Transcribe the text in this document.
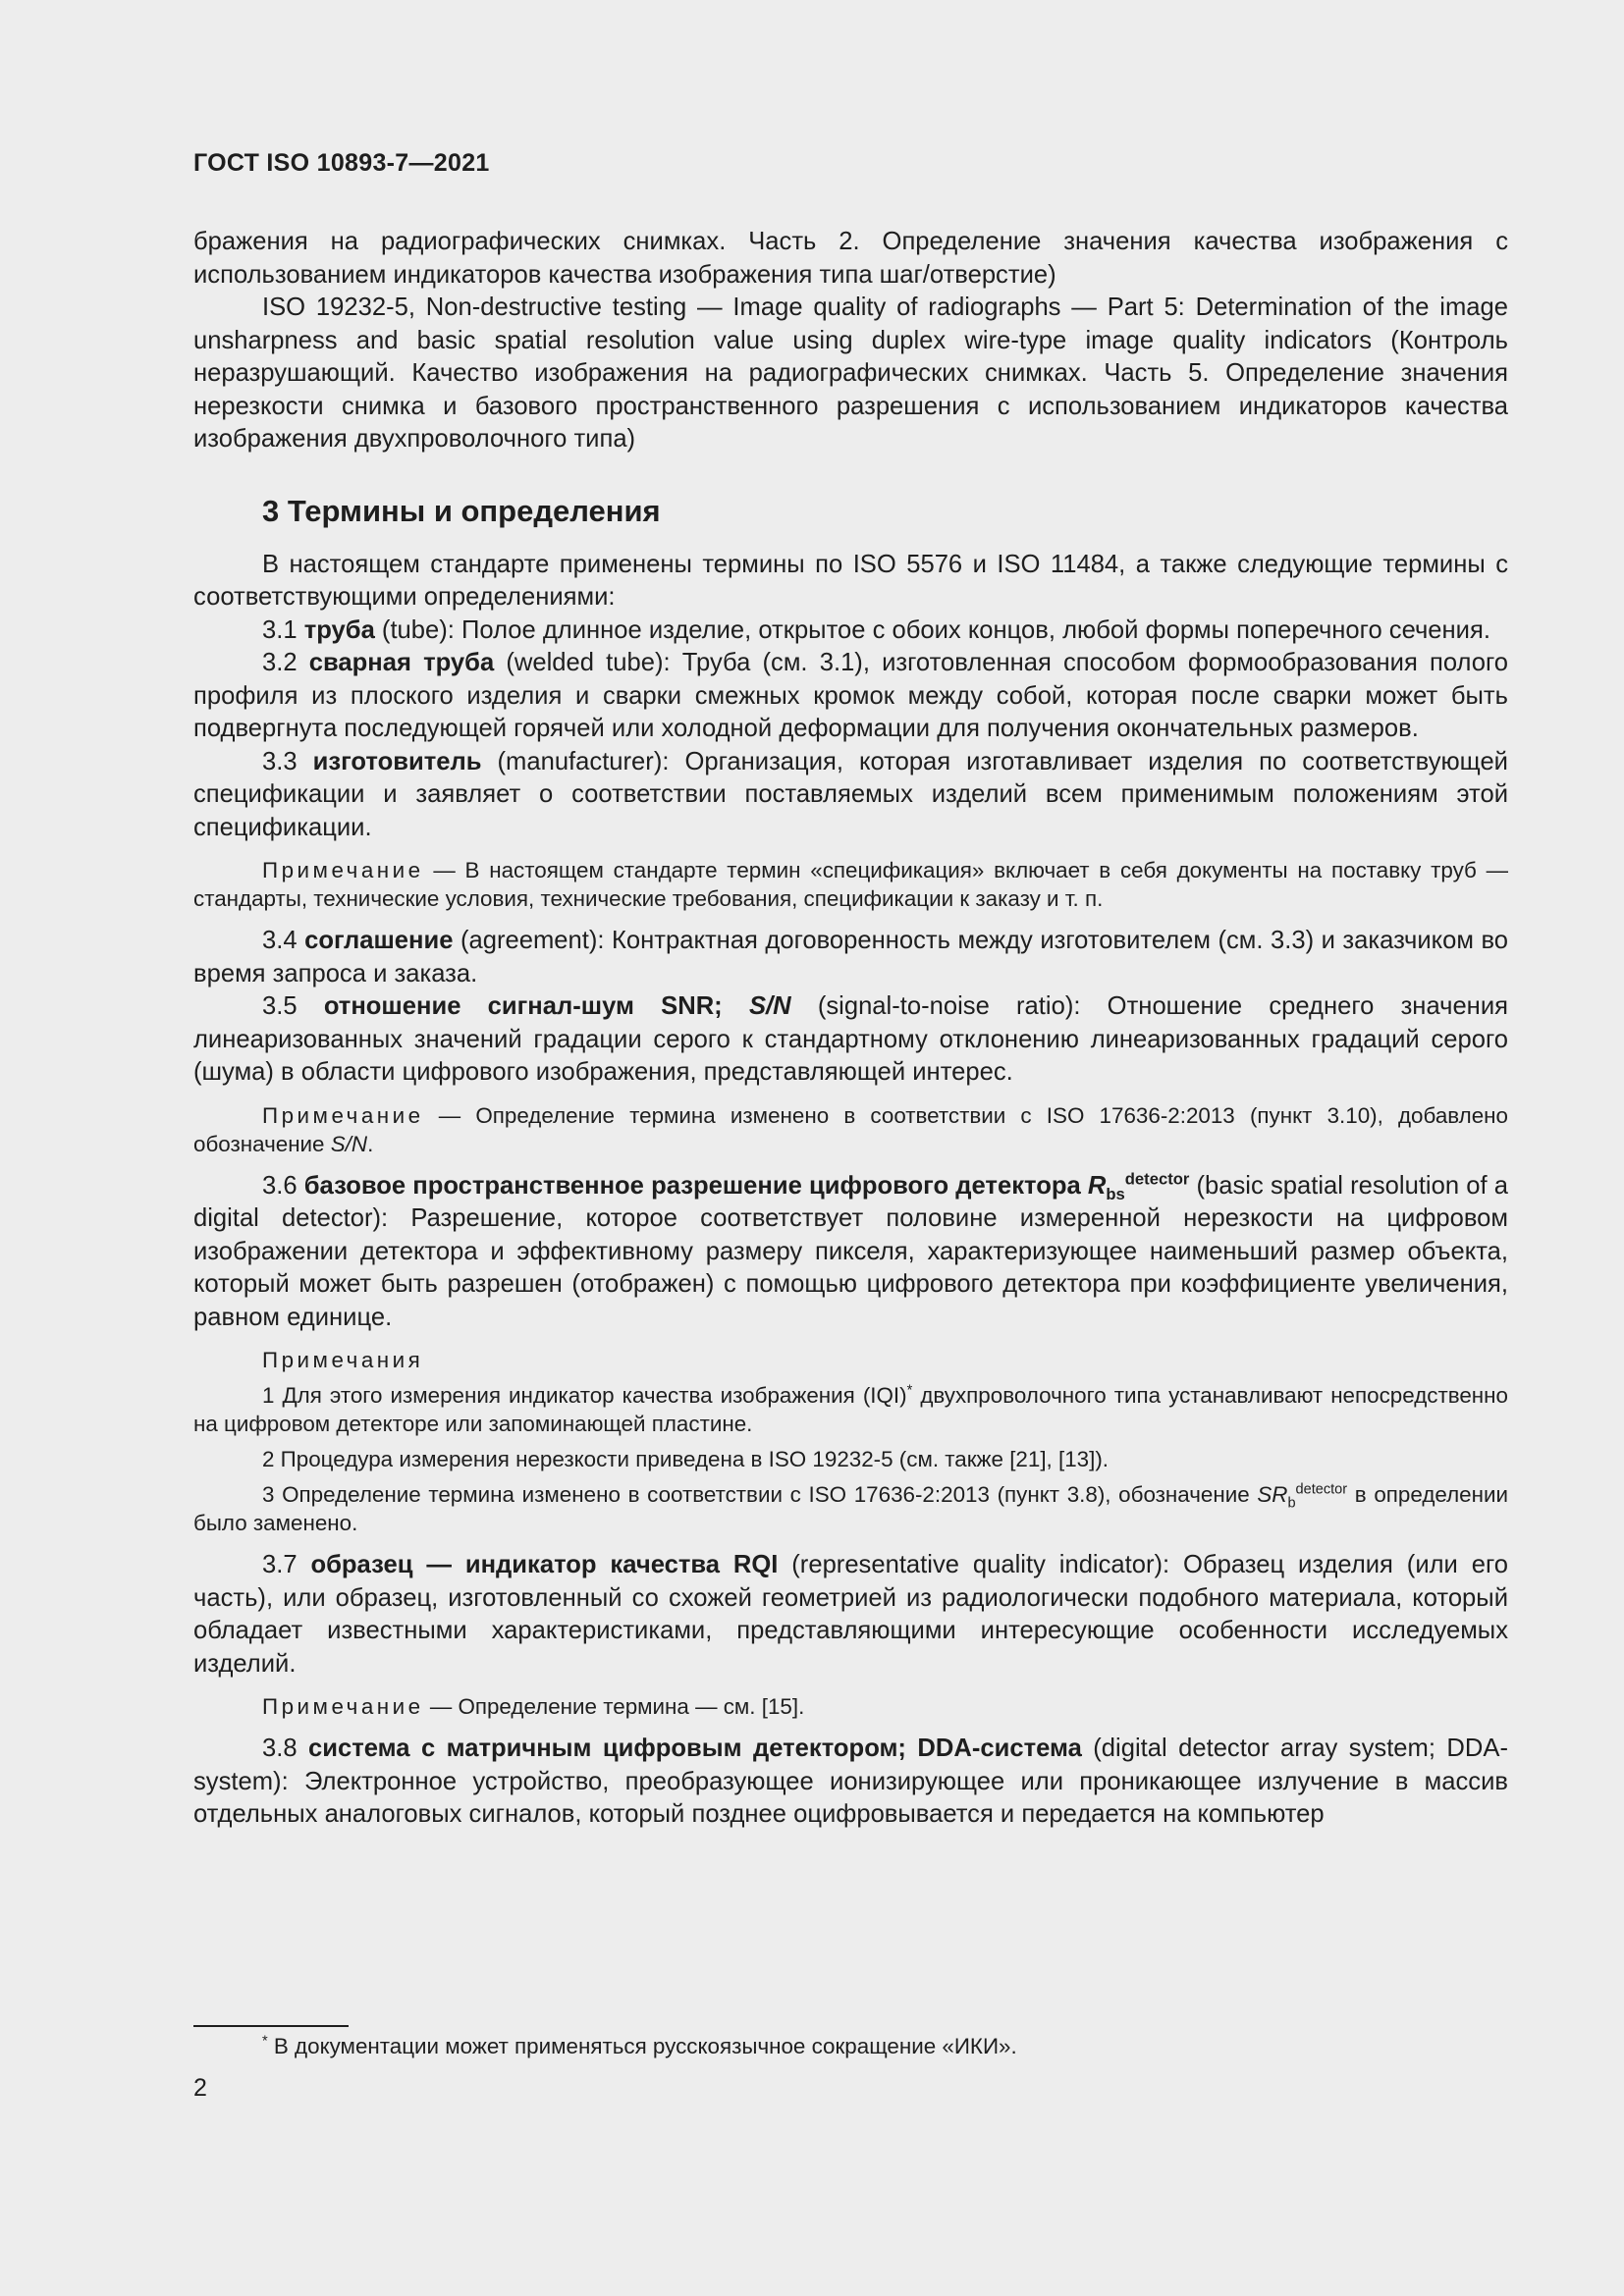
ГОСТ ISO 10893-7—2021

бражения на радиографических снимках. Часть 2. Определение значения качества изображения с использованием индикаторов качества изображения типа шаг/отверстие)

ISO 19232-5, Non-destructive testing — Image quality of radiographs — Part 5: Determination of the image unsharpness and basic spatial resolution value using duplex wire-type image quality indicators (Контроль неразрушающий. Качество изображения на радиографических снимках. Часть 5. Определение значения нерезкости снимка и базового пространственного разрешения с использованием индикаторов качества изображения двухпроволочного типа)

3 Термины и определения

В настоящем стандарте применены термины по ISO 5576 и ISO 11484, а также следующие термины с соответствующими определениями:

3.1 труба (tube): Полое длинное изделие, открытое с обоих концов, любой формы поперечного сечения.

3.2 сварная труба (welded tube): Труба (см. 3.1), изготовленная способом формообразования полого профиля из плоского изделия и сварки смежных кромок между собой, которая после сварки может быть подвергнута последующей горячей или холодной деформации для получения окончательных размеров.

3.3 изготовитель (manufacturer): Организация, которая изготавливает изделия по соответствующей спецификации и заявляет о соответствии поставляемых изделий всем применимым положениям этой спецификации.

Примечание — В настоящем стандарте термин «спецификация» включает в себя документы на поставку труб — стандарты, технические условия, технические требования, спецификации к заказу и т. п.

3.4 соглашение (agreement): Контрактная договоренность между изготовителем (см. 3.3) и заказчиком во время запроса и заказа.

3.5 отношение сигнал-шум SNR; S/N (signal-to-noise ratio): Отношение среднего значения линеаризованных значений градации серого к стандартному отклонению линеаризованных градаций серого (шума) в области цифрового изображения, представляющей интерес.

Примечание — Определение термина изменено в соответствии с ISO 17636-2:2013 (пункт 3.10), добавлено обозначение S/N.

3.6 базовое пространственное разрешение цифрового детектора $R_{bs}^{detector}$ (basic spatial resolution of a digital detector): Разрешение, которое соответствует половине измеренной нерезкости на цифровом изображении детектора и эффективному размеру пикселя, характеризующее наименьший размер объекта, который может быть разрешен (отображен) с помощью цифрового детектора при коэффициенте увеличения, равном единице.

Примечания

1 Для этого измерения индикатор качества изображения (IQI)* двухпроволочного типа устанавливают непосредственно на цифровом детекторе или запоминающей пластине.

2 Процедура измерения нерезкости приведена в ISO 19232-5 (см. также [21], [13]).

3 Определение термина изменено в соответствии с ISO 17636-2:2013 (пункт 3.8), обозначение $SR_b^{detector}$ в определении было заменено.

3.7 образец — индикатор качества RQI (representative quality indicator): Образец изделия (или его часть), или образец, изготовленный со схожей геометрией из радиологически подобного материала, который обладает известными характеристиками, представляющими интересующие особенности исследуемых изделий.

Примечание — Определение термина — см. [15].

3.8 система с матричным цифровым детектором; DDA-система (digital detector array system; DDA-system): Электронное устройство, преобразующее ионизирующее или проникающее излучение в массив отдельных аналоговых сигналов, который позднее оцифровывается и передается на компьютер

* В документации может применяться русскоязычное сокращение «ИКИ».

2
